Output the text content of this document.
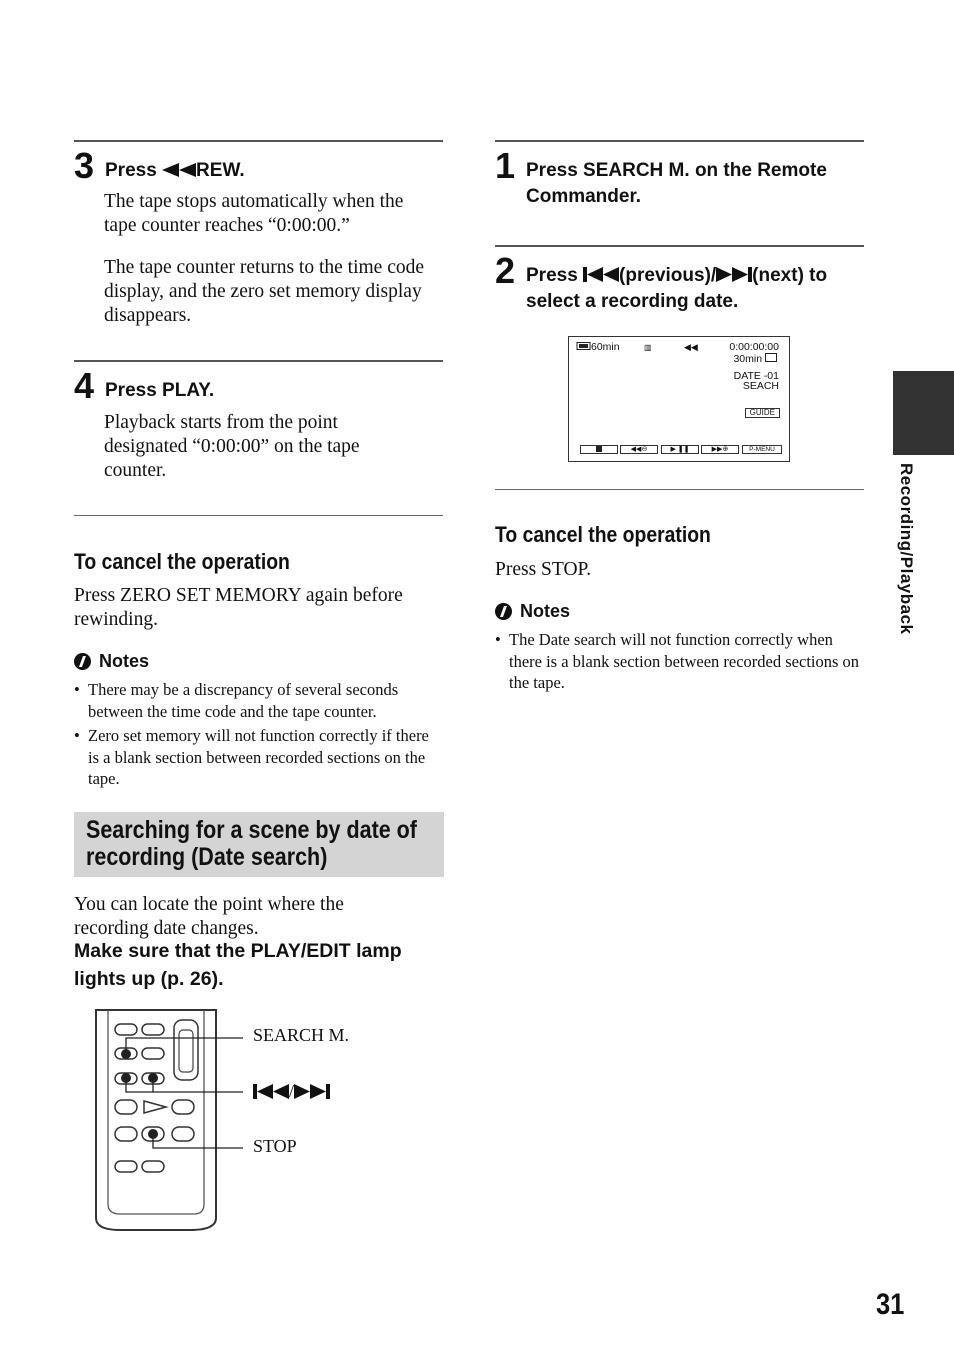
3 Press REW.
The tape stops automatically when the tape counter reaches “0:00:00.”
The tape counter returns to the time code display, and the zero set memory display disappears.
4 Press PLAY.
Playback starts from the point designated “0:00:00” on the tape counter.
To cancel the operation
Press ZERO SET MEMORY again before rewinding.
Notes
• There may be a discrepancy of several seconds between the time code and the tape counter.
• Zero set memory will not function correctly if there is a blank section between recorded sections on the tape.
Searching for a scene by date of recording (Date search)
You can locate the point where the recording date changes.
Make sure that the PLAY/EDIT lamp lights up (p. 26).
SEARCH M.
/
STOP
1 Press SEARCH M. on the Remote Commander.
2 Press (previous)/ (next) to select a recording date.
60min	▥	◀◀	0:00:00:00
30min
DATE -01
SEACH
GUIDE
◀◀⊖	▶ ❚❚	▶▶⊕	P-MENU
To cancel the operation
Press STOP.
Notes
• The Date search will not function correctly when there is a blank section between recorded sections on the tape.
Recording/Playback
31
